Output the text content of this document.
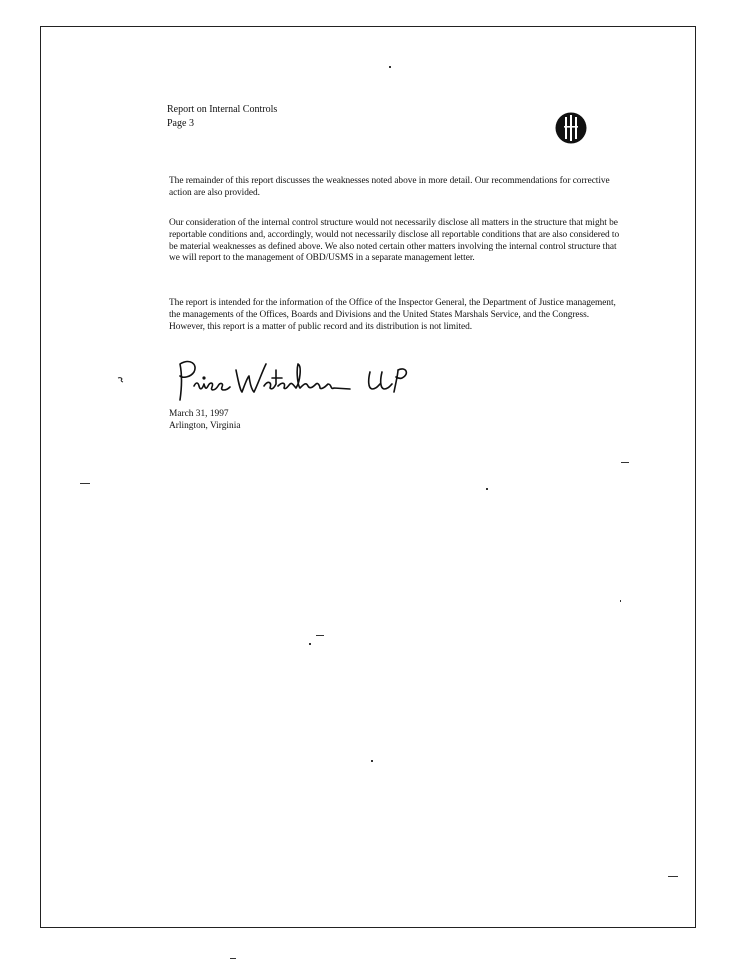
Report on Internal Controls
Page 3
The remainder of this report discusses the weaknesses noted above in more detail. Our recommendations for corrective action are also provided.
Our consideration of the internal control structure would not necessarily disclose all matters in the structure that might be reportable conditions and, accordingly, would not necessarily disclose all reportable conditions that are also considered to be material weaknesses as defined above. We also noted certain other matters involving the internal control structure that we will report to the management of OBD/USMS in a separate management letter.
The report is intended for the information of the Office of the Inspector General, the Department of Justice management, the managements of the Offices, Boards and Divisions and the United States Marshals Service, and the Congress. However, this report is a matter of public record and its distribution is not limited.
March 31, 1997
Arlington, Virginia
